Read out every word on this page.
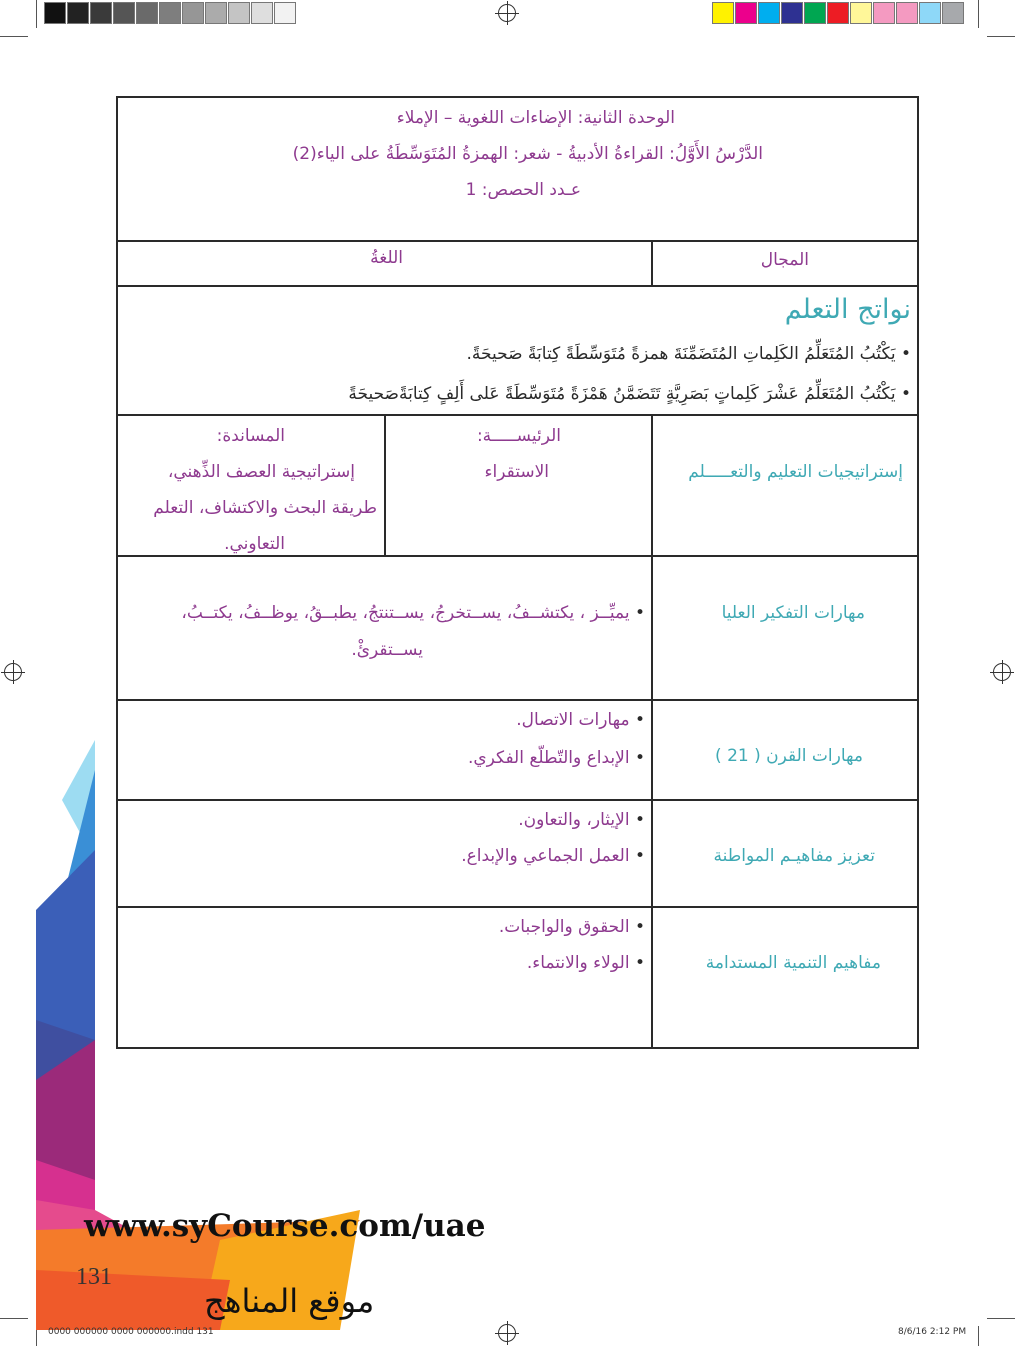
الوحدة الثانية: الإضاءات اللغوية – الإملاء
الدَّرْسُ الأَوَّلُ: القراءةُ الأدبيةُ - شعر: الهمزةُ المُتَوَسِّطَةُ على الياء(2)
عـدد الحصص: 1
المجال
اللغةُ
نواتج التعلم
• يَكْتُبُ المُتَعَلِّمُ الكَلِماتِ المُتَضَمِّنَةَ همزةً مُتَوَسِّطَةً كِتابَةً صَحيحَةً.
• يَكْتُبُ المُتَعَلِّمُ عَشْرَ كَلِماتٍ بَصَرِيَّةٍ تَتَضَمَّنُ هَمْزَةً مُتَوَسِّطَةً عَلى أَلِفٍ كِتابَةًصَحيحَةً
إستراتيجيات التعليم والتعـــــلم
الرئيســـــة:
الاستقراء
المساندة:
إستراتيجية العصف الذِّهني،
طريقة البحث والاكتشاف، التعلم
التعاوني.
مهارات التفكير العليا
• يميِّــز ، يكتشــفُ، يســتخرجُ، يســتنتجُ، يطبــقُ، يوظــفُ، يكتــبُ،
يســتقرئْ.
مهارات القرن ( 21 )
• مهارات الاتصال.
• الإبداع والتّطلّع الفكري.
تعزيز مفاهيـم المواطنة
• الإيثار، والتعاون.
• العمل الجماعي والإبداع.
مفاهيم التنمية المستدامة
• الحقوق والواجبات.
• الولاء والانتماء.
www.syCourse.com/uae
131
موقع المناهج
0000 000000 0000 000000.indd 131	8/6/16 2:12 PM
